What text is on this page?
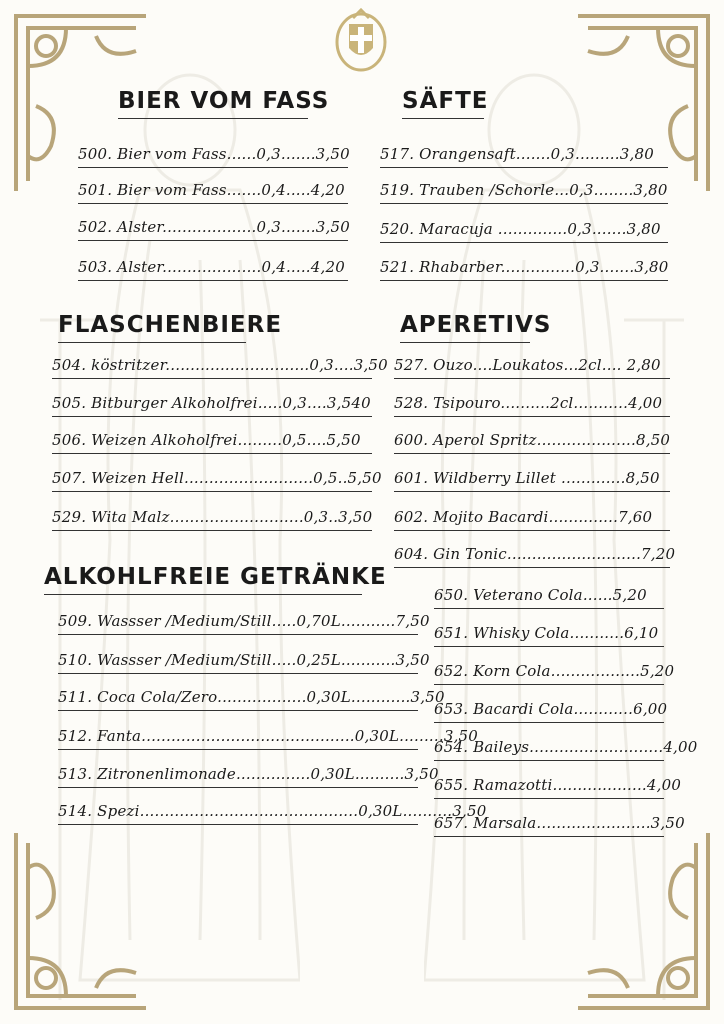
BIER VOM FASS
500. Bier vom Fass......0,3.......3,50
501. Bier vom Fass.......0,4.....4,20
502. Alster...................0,3.......3,50
503. Alster....................0,4.....4,20
SÄFTE
517. Orangensaft.......0,3.........3,80
519. Trauben /Schorle...0,3........3,80
520. Maracuja ..............0,3.......3,80
521. Rhabarber...............0,3.......3,80
FLASCHENBIERE
504. köstritzer.............................0,3....3,50
505. Bitburger Alkoholfrei.....0,3....3,540
506. Weizen Alkoholfrei.........0,5....5,50
507. Weizen Hell..........................0,5..5,50
529. Wita Malz...........................0,3..3,50
APERETIVS
527. Ouzo....Loukatos...2cl.... 2,80
528. Tsipouro..........2cl...........4,00
600. Aperol Spritz....................8,50
601. Wildberry Lillet .............8,50
602. Mojito Bacardi..............7,60
604. Gin Tonic...........................7,20
ALKOHLFREIE GETRÄNKE
509. Wassser /Medium/Still.....0,70L...........7,50
510. Wassser /Medium/Still.....0,25L...........3,50
511. Coca Cola/Zero..................0,30L............3,50
512. Fanta...........................................0,30L.........3,50
513. Zitronenlimonade...............0,30L..........3,50
514. Spezi............................................0,30L..........3,50
650. Veterano Cola......5,20
651. Whisky Cola...........6,10
652. Korn Cola..................5,20
653. Bacardi Cola............6,00
654. Baileys...........................4,00
655. Ramazotti...................4,00
657. Marsala.......................3,50
